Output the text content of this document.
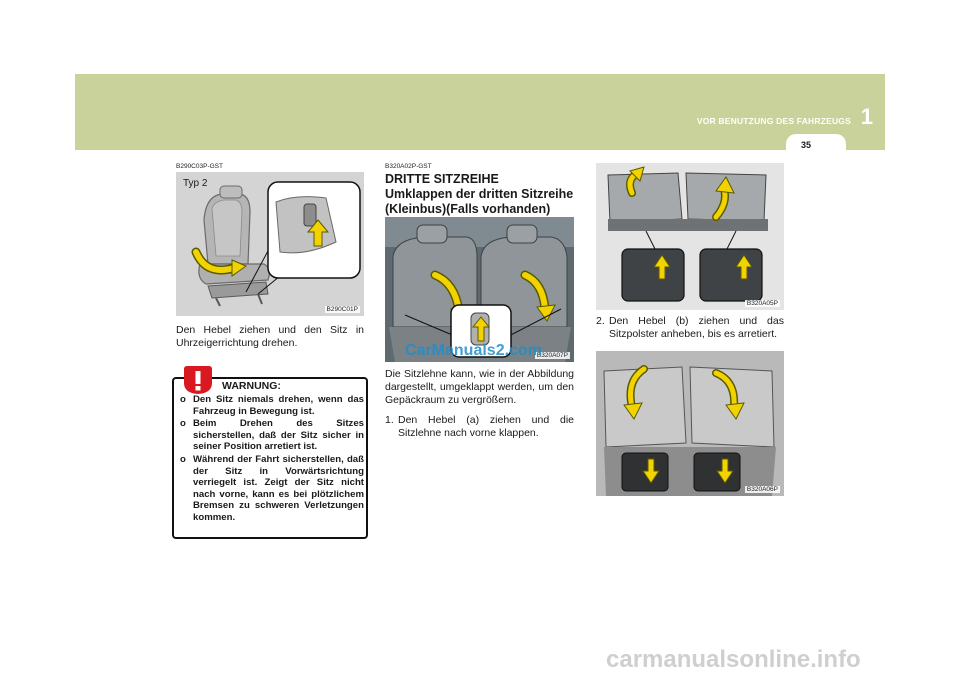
VOR BENUTZUNG DES FAHRZEUGS 1
35
B290C03P-GST
Typ 2
B290C01P
Den Hebel ziehen und den Sitz in Uhrzeigerrichtung drehen.
o Den Sitz niemals drehen, wenn das Fahrzeug in Bewegung ist.
o Beim Drehen des Sitzes sicherstellen, daß der Sitz sicher in seiner Position arretiert ist.
o Während der Fahrt sicherstellen, daß der Sitz in Vorwärtsrichtung verriegelt ist. Zeigt der Sitz nicht nach vorne, kann es bei plötzlichem Bremsen zu schweren Verletzungen kommen.
WARNUNG:
B320A02P-GST
DRITTE SITZREIHE
Umklappen der dritten Sitzreihe
(Kleinbus)(Falls vorhanden)
B320A07P
CarManuals2.com
Die Sitzlehne kann, wie in der Abbildung dargestellt, umgeklappt werden, um den Gepäckraum zu vergrößern.
1. Den Hebel (a) ziehen und die Sitzlehne nach vorne klappen.
B320A05P
2. Den Hebel (b) ziehen und das Sitzpolster anheben, bis es arretiert.
B320A06P
carmanualsonline.info
